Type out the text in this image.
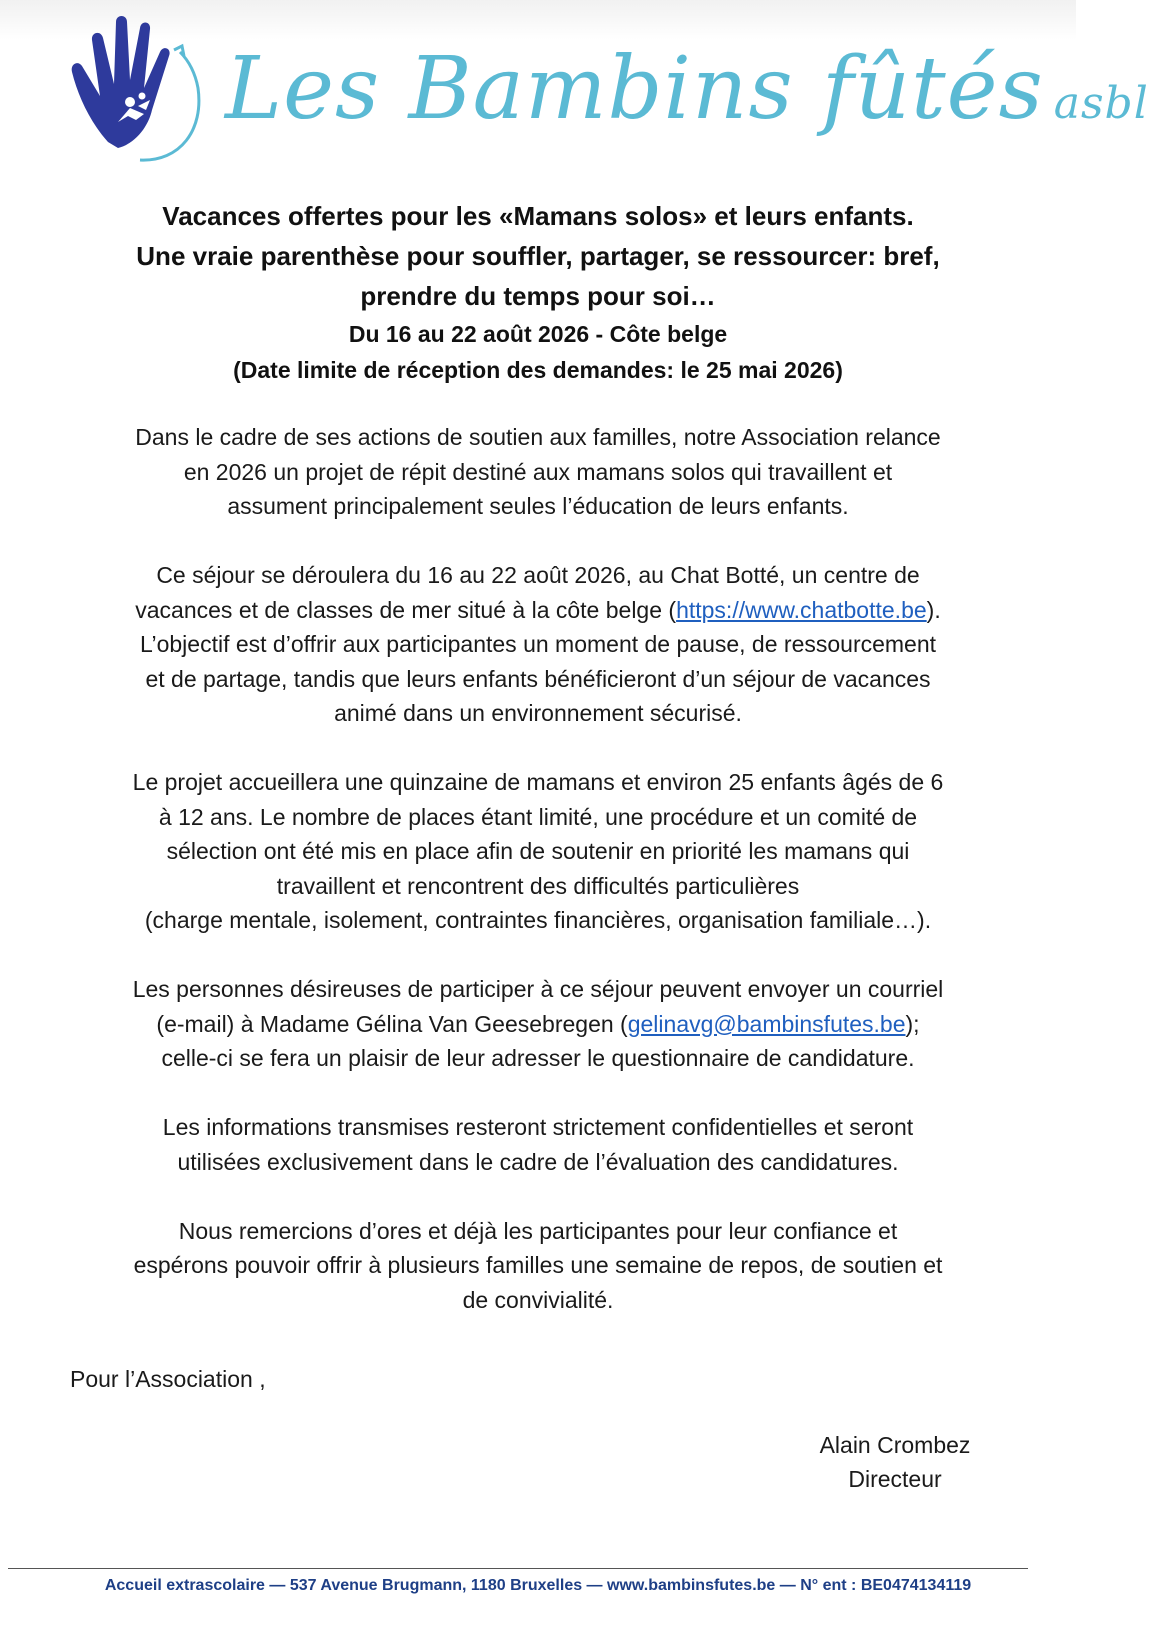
Les Bambins fûtés asbl
Vacances offertes pour les «Mamans solos» et leurs enfants.
Une vraie parenthèse pour souffler, partager, se ressourcer: bref,
prendre du temps pour soi…
Du 16 au 22 août 2026 - Côte belge
(Date limite de réception des demandes: le 25 mai 2026)

Dans le cadre de ses actions de soutien aux familles, notre Association relance
en 2026 un projet de répit destiné aux mamans solos qui travaillent et
assument principalement seules l’éducation de leurs enfants.

Ce séjour se déroulera du 16 au 22 août 2026, au Chat Botté, un centre de
vacances et de classes de mer situé à la côte belge (https://www.chatbotte.be).
L’objectif est d’offrir aux participantes un moment de pause, de ressourcement
et de partage, tandis que leurs enfants bénéficieront d’un séjour de vacances
animé dans un environnement sécurisé.

Le projet accueillera une quinzaine de mamans et environ 25 enfants âgés de 6
à 12 ans. Le nombre de places étant limité, une procédure et un comité de
sélection ont été mis en place afin de soutenir en priorité les mamans qui
travaillent et rencontrent des difficultés particulières
(charge mentale, isolement, contraintes financières, organisation familiale…).

Les personnes désireuses de participer à ce séjour peuvent envoyer un courriel
(e-mail) à Madame Gélina Van Geesebregen (gelinavg@bambinsfutes.be);
celle-ci se fera un plaisir de leur adresser le questionnaire de candidature.

Les informations transmises resteront strictement confidentielles et seront
utilisées exclusivement dans le cadre de l’évaluation des candidatures.

Nous remercions d’ores et déjà les participantes pour leur confiance et
espérons pouvoir offrir à plusieurs familles une semaine de repos, de soutien et
de convivialité.

Pour l’Association ,
Alain Crombez
Directeur
Accueil extrascolaire — 537 Avenue Brugmann, 1180 Bruxelles — www.bambinsfutes.be — N° ent : BE0474134119
